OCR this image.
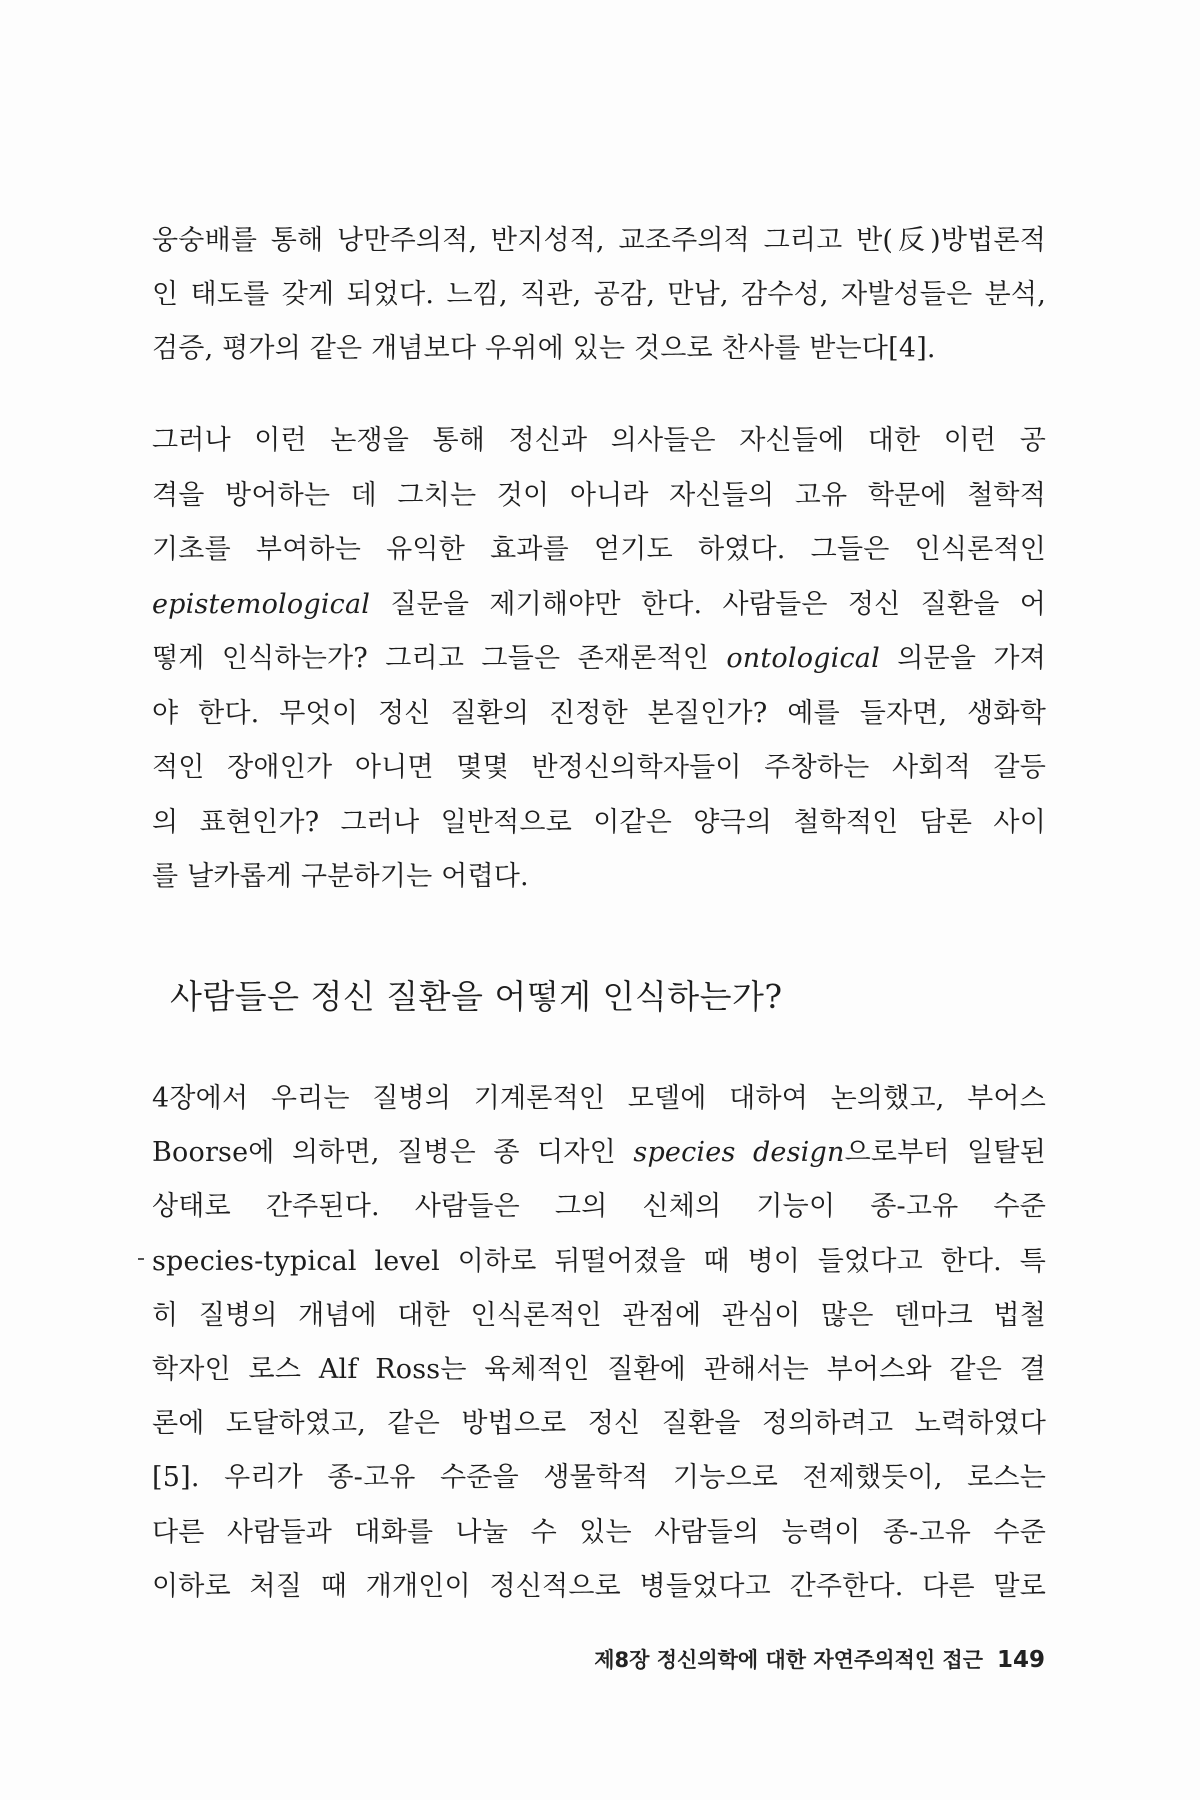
웅숭배를 통해 낭만주의적, 반지성적, 교조주의적 그리고 반(反)방법론적
인 태도를 갖게 되었다. 느낌, 직관, 공감, 만남, 감수성, 자발성들은 분석,
검증, 평가의 같은 개념보다 우위에 있는 것으로 찬사를 받는다[4].
그러나 이런 논쟁을 통해 정신과 의사들은 자신들에 대한 이런 공
격을 방어하는 데 그치는 것이 아니라 자신들의 고유 학문에 철학적
기초를 부여하는 유익한 효과를 얻기도 하였다. 그들은 인식론적인
epistemological 질문을 제기해야만 한다. 사람들은 정신 질환을 어
떻게 인식하는가? 그리고 그들은 존재론적인 ontological 의문을 가져
야 한다. 무엇이 정신 질환의 진정한 본질인가? 예를 들자면, 생화학
적인 장애인가 아니면 몇몇 반정신의학자들이 주창하는 사회적 갈등
의 표현인가? 그러나 일반적으로 이같은 양극의 철학적인 담론 사이
를 날카롭게 구분하기는 어렵다.
사람들은 정신 질환을 어떻게 인식하는가?
4장에서 우리는 질병의 기계론적인 모델에 대하여 논의했고, 부어스
Boorse에 의하면, 질병은 종 디자인 species design으로부터 일탈된
상태로 간주된다. 사람들은 그의 신체의 기능이 종-고유 수준
species-typical level 이하로 뒤떨어졌을 때 병이 들었다고 한다. 특
히 질병의 개념에 대한 인식론적인 관점에 관심이 많은 덴마크 법철
학자인 로스 Alf Ross는 육체적인 질환에 관해서는 부어스와 같은 결
론에 도달하였고, 같은 방법으로 정신 질환을 정의하려고 노력하였다
[5]. 우리가 종-고유 수준을 생물학적 기능으로 전제했듯이, 로스는
다른 사람들과 대화를 나눌 수 있는 사람들의 능력이 종-고유 수준
이하로 처질 때 개개인이 정신적으로 병들었다고 간주한다. 다른 말로
제8장 정신의학에 대한 자연주의적인 접근 149
